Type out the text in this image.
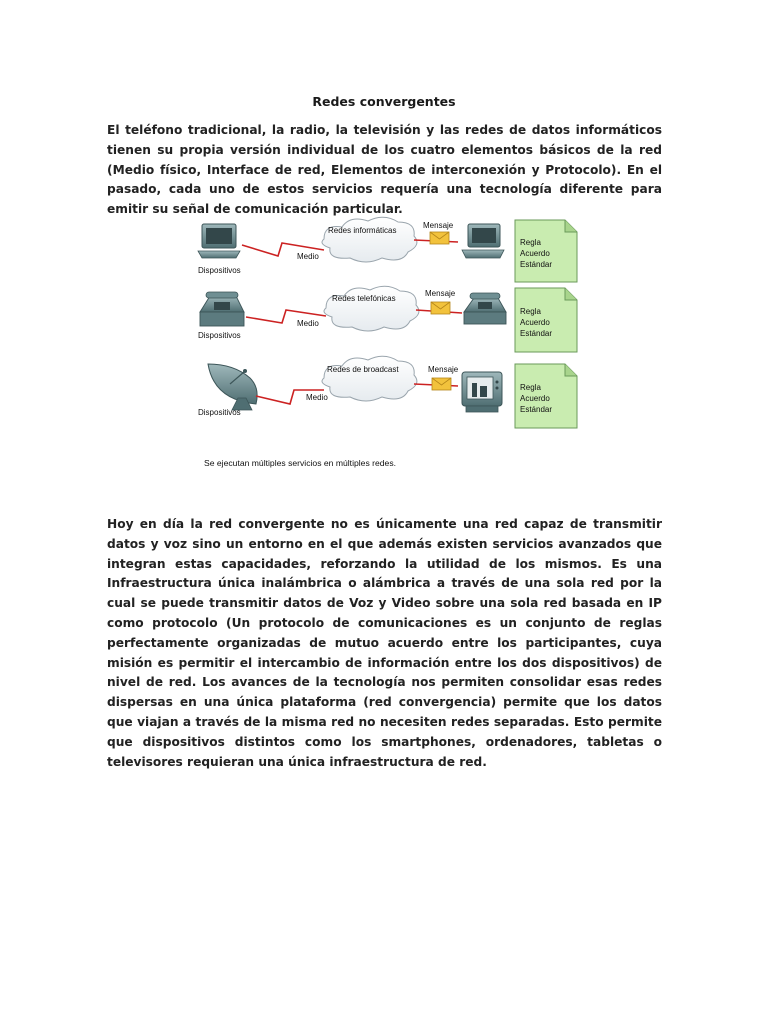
Redes convergentes

El teléfono tradicional, la radio, la televisión y las redes de datos informáticos tienen su propia versión individual de los cuatro elementos básicos de la red (Medio físico, Interface de red, Elementos de interconexión y Protocolo). En el pasado, cada uno de estos servicios requería una tecnología diferente para emitir su señal de comunicación particular.

Dispositivos
Medio
Redes informáticas
Mensaje
Regla
Acuerdo
Estándar
Dispositivos
Medio
Redes telefónicas
Mensaje
Regla
Acuerdo
Estándar
Dispositivos
Medio
Redes de broadcast	Mensaje
Regla
Acuerdo
Estándar
Se ejecutan múltiples servicios en múltiples redes.

Hoy en día la red convergente no es únicamente una red capaz de transmitir datos y voz sino un entorno en el que además existen servicios avanzados que integran estas capacidades, reforzando la utilidad de los mismos. Es una Infraestructura única inalámbrica o alámbrica a través de una sola red por la cual se puede transmitir datos de Voz y Video sobre una sola red basada en IP como protocolo (Un protocolo de comunicaciones es un conjunto de reglas perfectamente organizadas de mutuo acuerdo entre los participantes, cuya misión es permitir el intercambio de información entre los dos dispositivos) de nivel de red. Los avances de la tecnología nos permiten consolidar esas redes dispersas en una única plataforma (red convergencia) permite que los datos que viajan a través de la misma red no necesiten redes separadas. Esto permite que dispositivos distintos como los smartphones, ordenadores, tabletas o televisores requieran una única infraestructura de red.
